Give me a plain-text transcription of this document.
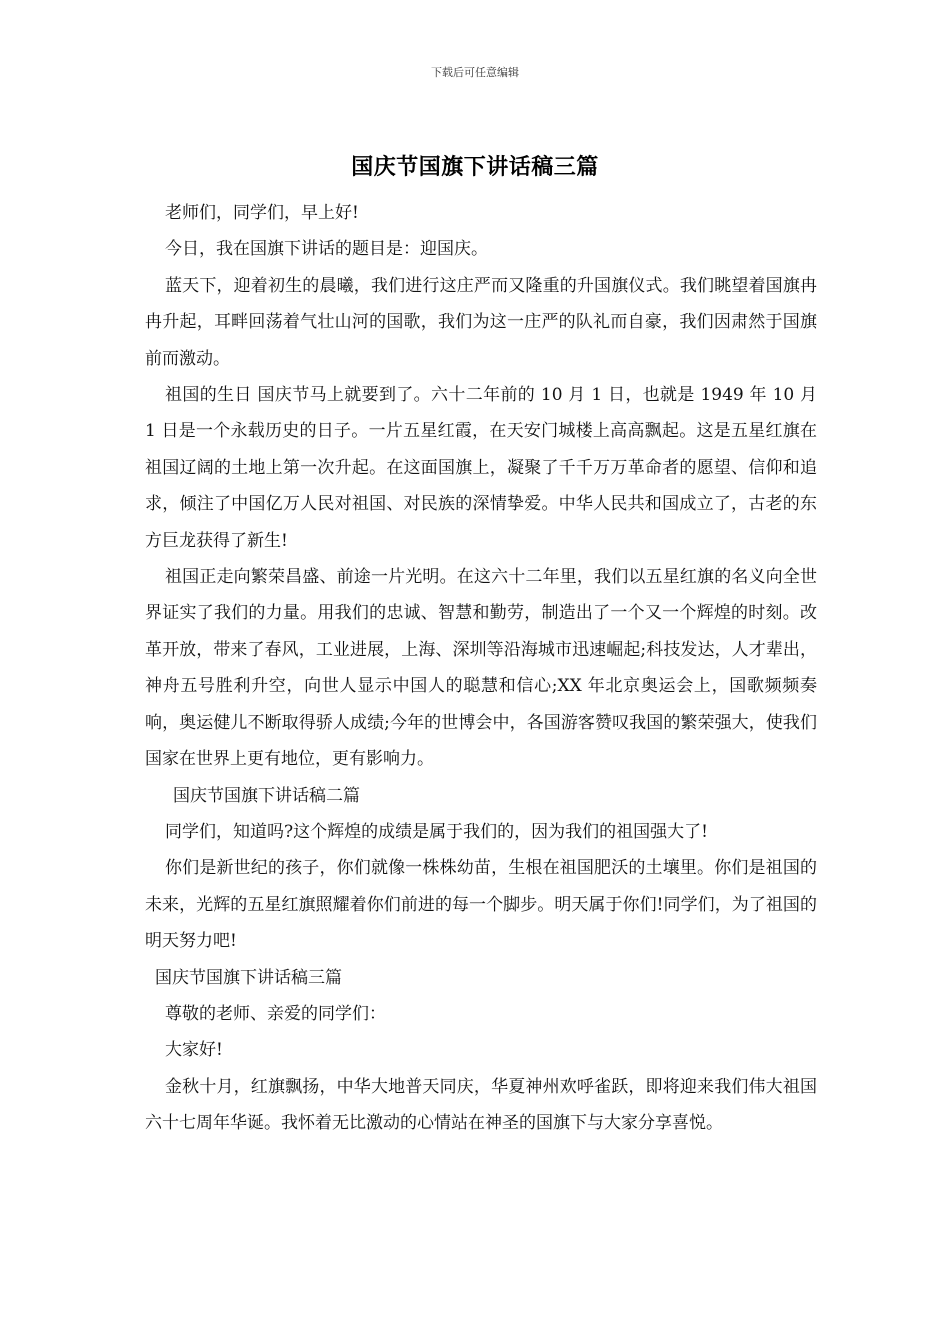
下载后可任意编辑
国庆节国旗下讲话稿三篇

老师们，同学们，早上好!

今日，我在国旗下讲话的题目是：迎国庆。

蓝天下，迎着初生的晨曦，我们进行这庄严而又隆重的升国旗仪式。我们眺望着国旗冉冉升起，耳畔回荡着气壮山河的国歌，我们为这一庄严的队礼而自豪，我们因肃然于国旗前而激动。

祖国的生日 国庆节马上就要到了。六十二年前的 10 月 1 日，也就是 1949 年 10 月 1 日是一个永载历史的日子。一片五星红霞，在天安门城楼上高高飘起。这是五星红旗在祖国辽阔的土地上第一次升起。在这面国旗上，凝聚了千千万万革命者的愿望、信仰和追求，倾注了中国亿万人民对祖国、对民族的深情挚爱。中华人民共和国成立了，古老的东方巨龙获得了新生!

祖国正走向繁荣昌盛、前途一片光明。在这六十二年里，我们以五星红旗的名义向全世界证实了我们的力量。用我们的忠诚、智慧和勤劳，制造出了一个又一个辉煌的时刻。改革开放，带来了春风，工业进展，上海、深圳等沿海城市迅速崛起;科技发达，人才辈出，神舟五号胜利升空，向世人显示中国人的聪慧和信心;XX 年北京奥运会上，国歌频频奏响，奥运健儿不断取得骄人成绩;今年的世博会中，各国游客赞叹我国的繁荣强大，使我们国家在世界上更有地位，更有影响力。

国庆节国旗下讲话稿二篇

同学们，知道吗?这个辉煌的成绩是属于我们的，因为我们的祖国强大了!

你们是新世纪的孩子，你们就像一株株幼苗，生根在祖国肥沃的土壤里。你们是祖国的未来，光辉的五星红旗照耀着你们前进的每一个脚步。明天属于你们!同学们，为了祖国的明天努力吧!

国庆节国旗下讲话稿三篇

尊敬的老师、亲爱的同学们：

大家好!

金秋十月，红旗飘扬，中华大地普天同庆，华夏神州欢呼雀跃，即将迎来我们伟大祖国六十七周年华诞。我怀着无比激动的心情站在神圣的国旗下与大家分享喜悦。
